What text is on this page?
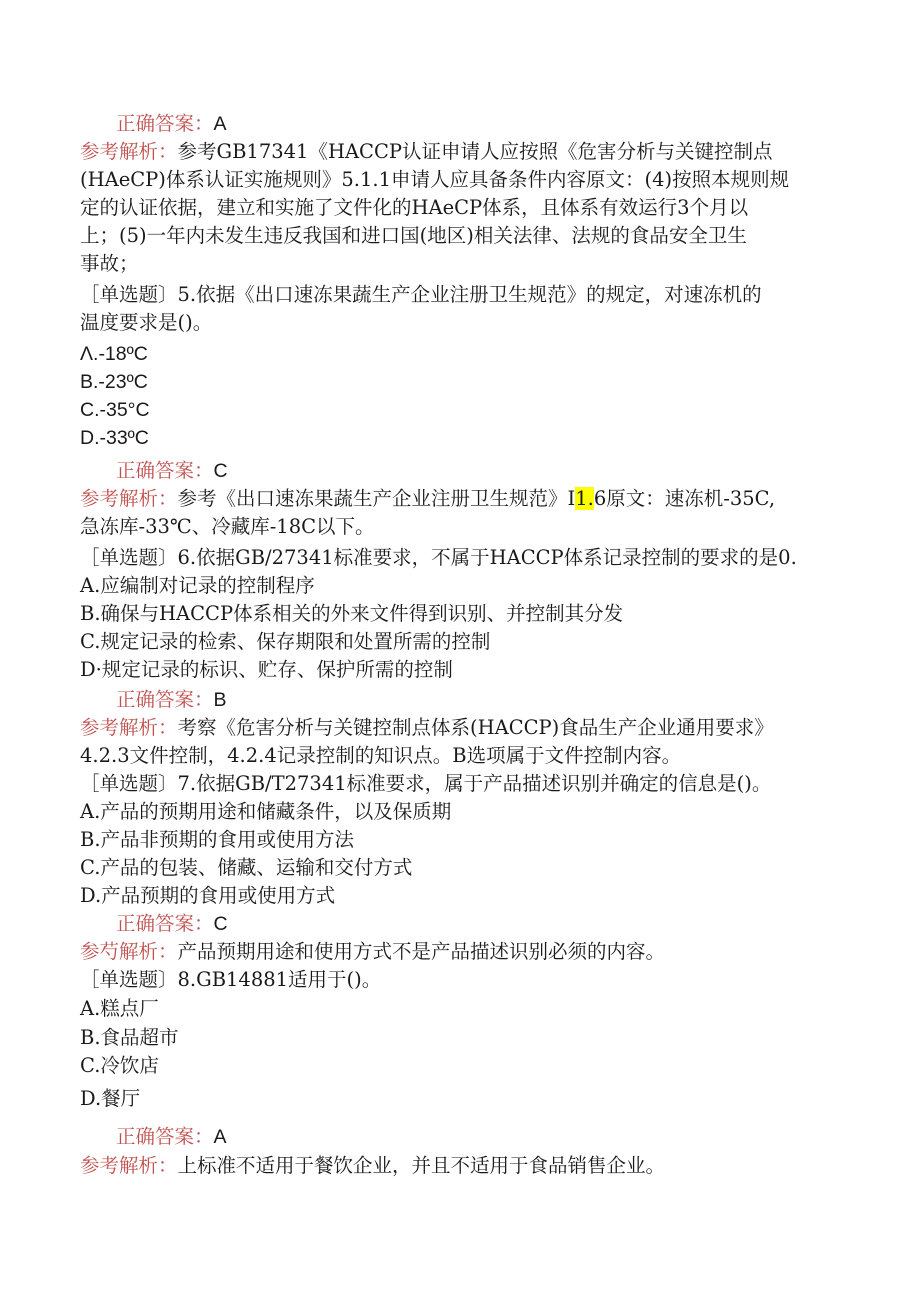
正确答案：A
参考解析：参考GB17341《HACCP认证申请人应按照《危害分析与关键控制点
(HAeCP)体系认证实施规则》5.1.1申请人应具备条件内容原文：(4)按照本规则规
定的认证依据，建立和实施了文件化的HAeCP体系，且体系有效运行3个月以
上；(5)一年内未发生违反我国和进口国(地区)相关法律、法规的食品安全卫生
事故；
［单选题〕5.依据《出口速冻果蔬生产企业注册卫生规范》的规定，对速冻机的
温度要求是()。
Λ.-18ºC
B.-23ºC
C.-35°C
D.-33ºC
正确答案：C
参考解析：参考《出口速冻果蔬生产企业注册卫生规范》I1.6原文：速冻机-35C,
急冻库-33℃、冷藏库-18C以下。
［单选题〕6.依据GB/27341标准要求，不属于HACCP体系记录控制的要求的是0.
A.应编制对记录的控制程序
B.确保与HACCP体系相关的外来文件得到识别、并控制其分发
C.规定记录的检索、保存期限和处置所需的控制
D·规定记录的标识、贮存、保护所需的控制
正确答案：B
参考解析：考察《危害分析与关键控制点体系(HACCP)食品生产企业通用要求》
4.2.3文件控制，4.2.4记录控制的知识点。B选项属于文件控制内容。
［单选题〕7.依据GB/T27341标准要求，属于产品描述识别并确定的信息是()。
A.产品的预期用途和储藏条件，以及保质期
B.产品非预期的食用或使用方法
C.产品的包装、储藏、运输和交付方式
D.产品预期的食用或使用方式
正确答案：C
参芍解析：产品预期用途和使用方式不是产品描述识别必须的内容。
［单选题〕8.GB14881适用于()。
A.糕点厂
B.食品超市
C.冷饮店
D.餐厅
正确答案：A
参考解析：上标准不适用于餐饮企业，并且不适用于食品销售企业。
